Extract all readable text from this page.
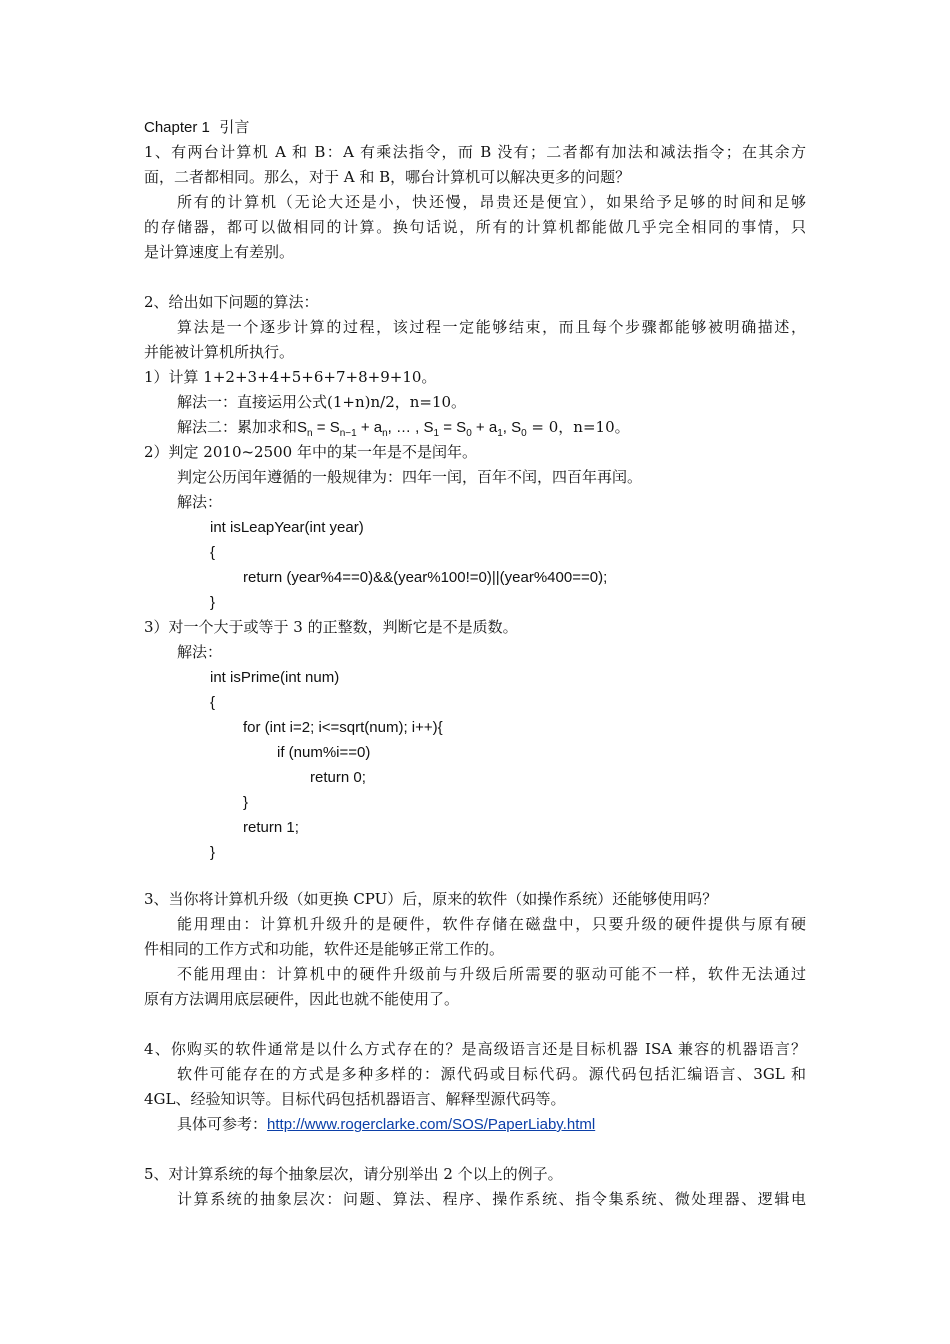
Chapter 1 引言
1、有两台计算机 A 和 B：A 有乘法指令，而 B 没有；二者都有加法和减法指令；在其余方
面，二者都相同。那么，对于 A 和 B，哪台计算机可以解决更多的问题？
所有的计算机（无论大还是小，快还慢，昂贵还是便宜），如果给予足够的时间和足够
的存储器，都可以做相同的计算。换句话说，所有的计算机都能做几乎完全相同的事情，只
是计算速度上有差别。
2、给出如下问题的算法：
算法是一个逐步计算的过程，该过程一定能够结束，而且每个步骤都能够被明确描述，
并能被计算机所执行。
1）计算 1+2+3+4+5+6+7+8+9+10。
解法一：直接运用公式(1+n)n/2，n=10。
解法二：累加求和$S_n = S_{n-1} + a_n$, … , $S_1 = S_0 + a_1$, $S_0 = 0$，n=10。
2）判定 2010~2500 年中的某一年是不是闰年。
判定公历闰年遵循的一般规律为：四年一闰，百年不闰，四百年再闰。
解法：
int isLeapYear(int year)
{
return (year%4==0)&&(year%100!=0)||(year%400==0);
}
3）对一个大于或等于 3 的正整数，判断它是不是质数。
解法：
int isPrime(int num)
{
for (int i=2; i<=sqrt(num); i++){
if (num%i==0)
return 0;
}
return 1;
}
3、当你将计算机升级（如更换 CPU）后，原来的软件（如操作系统）还能够使用吗？
能用理由：计算机升级升的是硬件，软件存储在磁盘中，只要升级的硬件提供与原有硬
件相同的工作方式和功能，软件还是能够正常工作的。
不能用理由：计算机中的硬件升级前与升级后所需要的驱动可能不一样，软件无法通过
原有方法调用底层硬件，因此也就不能使用了。
4、你购买的软件通常是以什么方式存在的？是高级语言还是目标机器 ISA 兼容的机器语言？
软件可能存在的方式是多种多样的：源代码或目标代码。源代码包括汇编语言、3GL 和
4GL、经验知识等。目标代码包括机器语言、解释型源代码等。
具体可参考：http://www.rogerclarke.com/SOS/PaperLiaby.html
5、对计算系统的每个抽象层次，请分别举出 2 个以上的例子。
计算系统的抽象层次：问题、算法、程序、操作系统、指令集系统、微处理器、逻辑电
